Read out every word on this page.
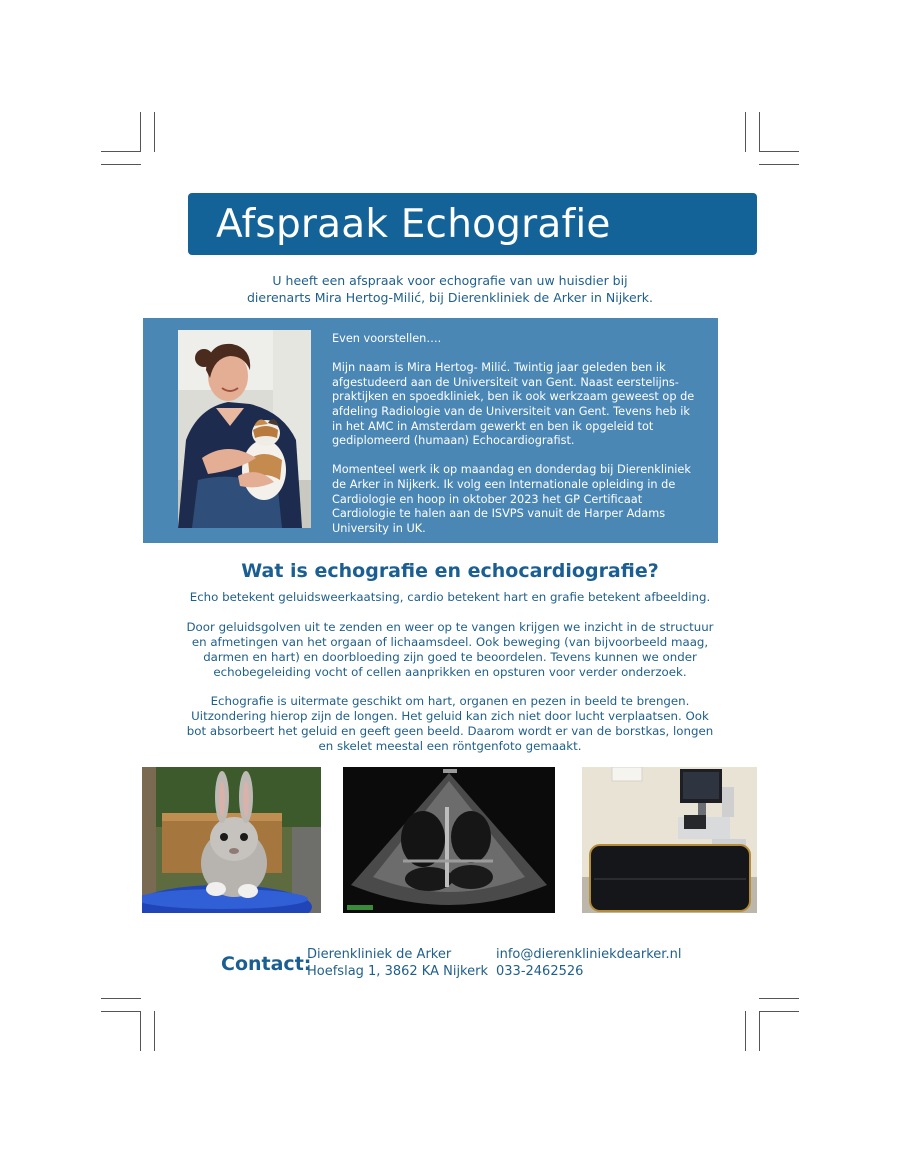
Afspraak Echografie
U heeft een afspraak voor echografie van uw huisdier bij
dierenarts Mira Hertog-Milić, bij Dierenkliniek de Arker in Nijkerk.

Even voorstellen….

Mijn naam is Mira Hertog- Milić. Twintig jaar geleden ben ik afgestudeerd aan de Universiteit van Gent. Naast eerstelijns-praktijken en spoedkliniek, ben ik ook werkzaam geweest op de afdeling Radiologie van de Universiteit van Gent. Tevens heb ik in het AMC in Amsterdam gewerkt en ben ik opgeleid tot gediplomeerd (humaan) Echocardiografist.

Momenteel werk ik op maandag en donderdag bij Dierenkliniek de Arker in Nijkerk. Ik volg een Internationale opleiding in de Cardiologie en hoop in oktober 2023 het GP Certificaat Cardiologie te halen aan de ISVPS vanuit de Harper Adams University in UK.

Wat is echografie en echocardiografie?

Echo betekent geluidsweerkaatsing, cardio betekent hart en grafie betekent afbeelding.

Door geluidsgolven uit te zenden en weer op te vangen krijgen we inzicht in de structuur en afmetingen van het orgaan of lichaamsdeel. Ook beweging (van bijvoorbeeld maag, darmen en hart) en doorbloeding zijn goed te beoordelen. Tevens kunnen we onder echobegeleiding vocht of cellen aanprikken en opsturen voor verder onderzoek.

Echografie is uitermate geschikt om hart, organen en pezen in beeld te brengen. Uitzondering hierop zijn de longen. Het geluid kan zich niet door lucht verplaatsen. Ook bot absorbeert het geluid en geeft geen beeld. Daarom wordt er van de borstkas, longen en skelet meestal een röntgenfoto gemaakt.

Contact:
Dierenkliniek de Arker
Hoefslag 1, 3862 KA Nijkerk
info@dierenkliniekdearker.nl
033-2462526
